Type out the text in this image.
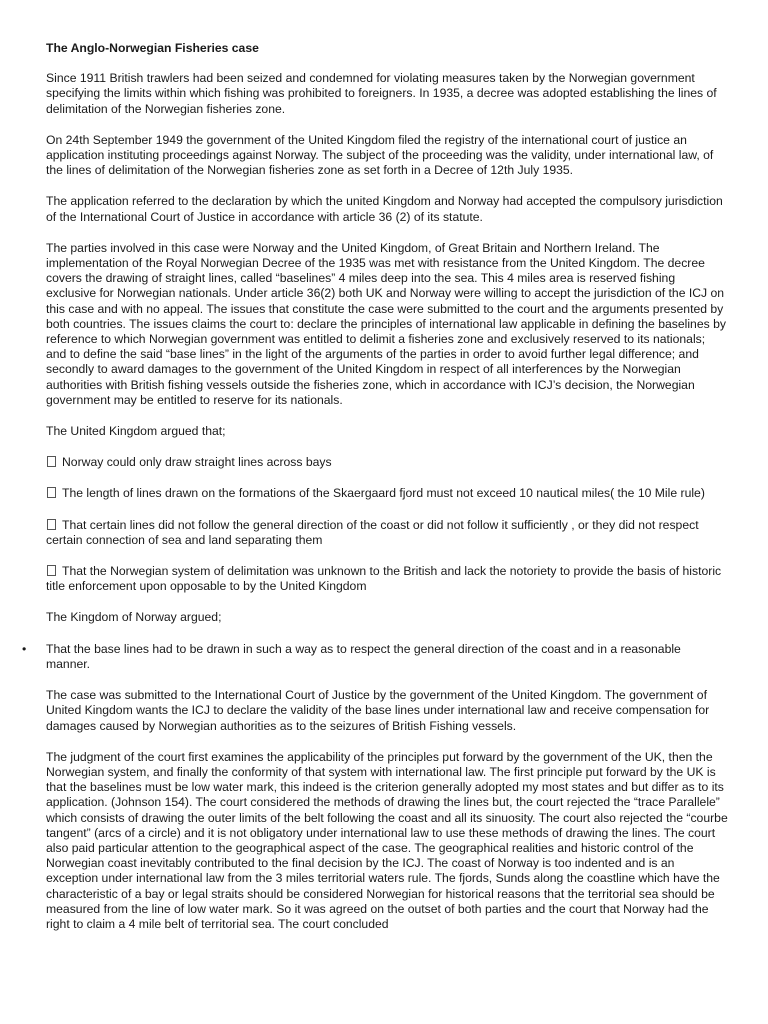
The Anglo-Norwegian Fisheries case

Since 1911 British trawlers had been seized and condemned for violating measures taken by the Norwegian government specifying the limits within which fishing was prohibited to foreigners. In 1935, a decree was adopted establishing the lines of delimitation of the Norwegian fisheries zone.

On 24th September 1949 the government of the United Kingdom filed the registry of the international court of justice an application instituting proceedings against Norway. The subject of the proceeding was the validity, under international law, of the lines of delimitation of the Norwegian fisheries zone as set forth in a Decree of 12th July 1935.

The application referred to the declaration by which the united Kingdom and Norway had accepted the compulsory jurisdiction of the International Court of Justice in accordance with article 36 (2) of its statute.

The parties involved in this case were Norway and the United Kingdom, of Great Britain and Northern Ireland. The implementation of the Royal Norwegian Decree of the 1935 was met with resistance from the United Kingdom. The decree covers the drawing of straight lines, called “baselines” 4 miles deep into the sea. This 4 miles area is reserved fishing exclusive for Norwegian nationals. Under article 36(2) both UK and Norway were willing to accept the jurisdiction of the ICJ on this case and with no appeal. The issues that constitute the case were submitted to the court and the arguments presented by both countries. The issues claims the court to: declare the principles of international law applicable in defining the baselines by reference to which Norwegian government was entitled to delimit a fisheries zone and exclusively reserved to its nationals; and to define the said “base lines” in the light of the arguments of the parties in order to avoid further legal difference; and secondly to award damages to the government of the United Kingdom in respect of all interferences by the Norwegian authorities with British fishing vessels outside the fisheries zone, which in accordance with ICJ’s decision, the Norwegian government may be entitled to reserve for its nationals.

The United Kingdom argued that;

Norway could only draw straight lines across bays
The length of lines drawn on the formations of the Skaergaard fjord must not exceed 10 nautical miles( the 10 Mile rule)
That certain lines did not follow the general direction of the coast or did not follow it sufficiently , or they did not respect certain connection of sea and land separating them
That the Norwegian system of delimitation was unknown to the British and lack the notoriety to provide the basis of historic title enforcement upon opposable to by the United Kingdom

The Kingdom of Norway argued;

• That the base lines had to be drawn in such a way as to respect the general direction of the coast and in a reasonable manner.

The case was submitted to the International Court of Justice by the government of the United Kingdom. The government of United Kingdom wants the ICJ to declare the validity of the base lines under international law and receive compensation for damages caused by Norwegian authorities as to the seizures of British Fishing vessels.

The judgment of the court first examines the applicability of the principles put forward by the government of the UK, then the Norwegian system, and finally the conformity of that system with international law. The first principle put forward by the UK is that the baselines must be low water mark, this indeed is the criterion generally adopted my most states and but differ as to its application. (Johnson 154). The court considered the methods of drawing the lines but, the court rejected the “trace Parallele” which consists of drawing the outer limits of the belt following the coast and all its sinuosity. The court also rejected the “courbe tangent” (arcs of a circle) and it is not obligatory under international law to use these methods of drawing the lines. The court also paid particular attention to the geographical aspect of the case. The geographical realities and historic control of the Norwegian coast inevitably contributed to the final decision by the ICJ. The coast of Norway is too indented and is an exception under international law from the 3 miles territorial waters rule. The fjords, Sunds along the coastline which have the characteristic of a bay or legal straits should be considered Norwegian for historical reasons that the territorial sea should be measured from the line of low water mark. So it was agreed on the outset of both parties and the court that Norway had the right to claim a 4 mile belt of territorial sea. The court concluded
